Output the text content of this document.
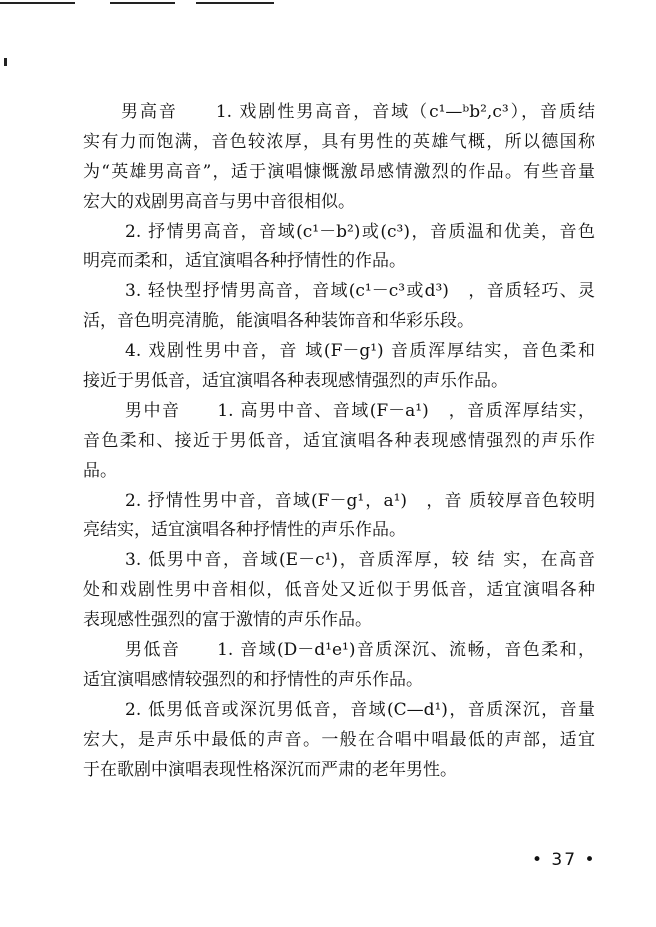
男高音　　1. 戏剧性男高音，音域（c¹—ᵇb²,c³），音质结
实有力而饱满，音色较浓厚，具有男性的英雄气概，所以德国称
为“英雄男高音”，适于演唱慷慨激昂感情激烈的作品。有些音量
宏大的戏剧男高音与男中音很相似。
2. 抒情男高音，音域(c¹－b²)或(c³)，音质温和优美，音色
明亮而柔和，适宜演唱各种抒情性的作品。
3. 轻快型抒情男高音，音域(c¹－c³或d³)　，音质轻巧、灵
活，音色明亮清脆，能演唱各种装饰音和华彩乐段。
4. 戏剧性男中音，音 域(F－g¹) 音质浑厚结实，音色柔和
接近于男低音，适宜演唱各种表现感情强烈的声乐作品。
男中音　　1. 高男中音、音域(F－a¹)　，音质浑厚结实，
音色柔和、接近于男低音，适宜演唱各种表现感情强烈的声乐作
品。
2. 抒情性男中音，音域(F－g¹，a¹)　，音 质较厚音色较明
亮结实，适宜演唱各种抒情性的声乐作品。
3. 低男中音，音域(E－c¹)，音质浑厚，较 结 实，在高音
处和戏剧性男中音相似，低音处又近似于男低音，适宜演唱各种
表现感性强烈的富于激情的声乐作品。
男低音　　1. 音域(D－d¹e¹)音质深沉、流畅，音色柔和，
适宜演唱感情较强烈的和抒情性的声乐作品。
2. 低男低音或深沉男低音，音域(C—d¹)，音质深沉，音量
宏大，是声乐中最低的声音。一般在合唱中唱最低的声部，适宜
于在歌剧中演唱表现性格深沉而严肃的老年男性。
• 37 •
